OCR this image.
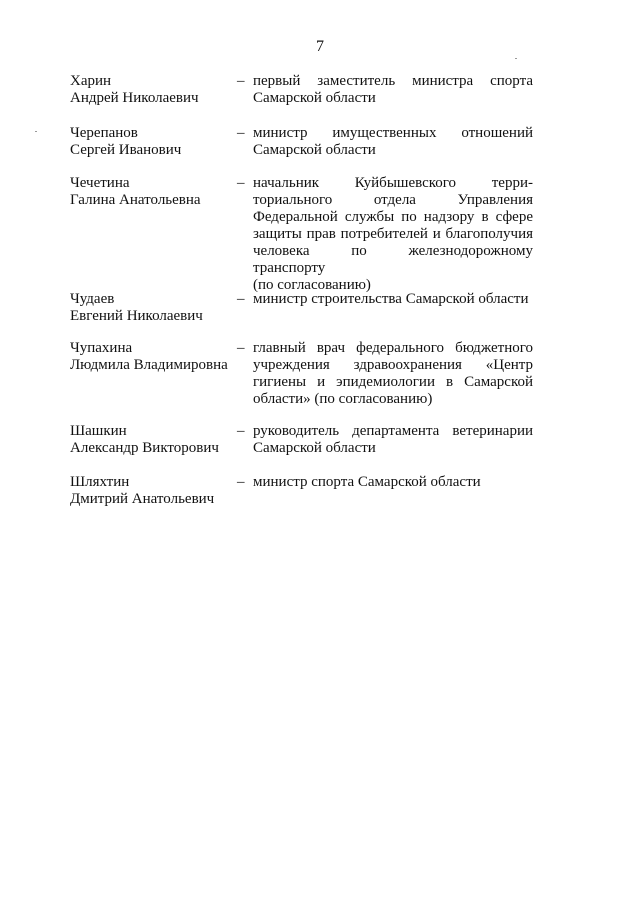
7
Харин
Андрей Николаевич
– первый заместитель министра спорта
Самарской области
Черепанов
Сергей Иванович
– министр имущественных отношений
Самарской области
Чечетина
Галина Анатольевна
– начальник Куйбышевского терри-
ториального отдела Управления
Федеральной службы по надзору в сфере
защиты прав потребителей и благополучия
человека по железнодорожному транспорту
(по согласованию)
Чудаев
Евгений Николаевич
– министр строительства Самарской области
Чупахина
Людмила Владимировна
– главный врач федерального бюджетного
учреждения здравоохранения «Центр
гигиены и эпидемиологии в Самарской
области» (по согласованию)
Шашкин
Александр Викторович
– руководитель департамента ветеринарии
Самарской области
Шляхтин
Дмитрий Анатольевич
– министр спорта Самарской области
